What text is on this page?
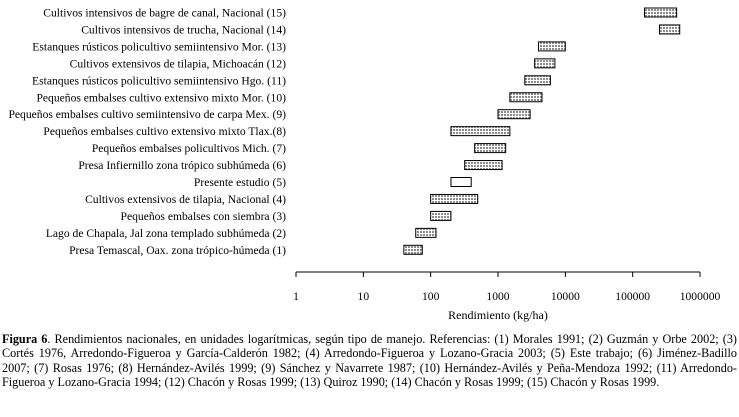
Cultivos intensivos de bagre de canal, Nacional (15)
Cultivos intensivos de trucha, Nacional (14)
Estanques rústicos policultivo semiintensivo Mor. (13)
Cultivos extensivos de tilapia, Michoacán (12)
Estanques rústicos policultivo semiintensivo Hgo. (11)
Pequeños embalses cultivo extensivo mixto Mor. (10)
Pequeños embalses cultivo semiintensivo de carpa Mex. (9)
Pequeños embalses cultivo extensivo mixto Tlax.(8)
Pequeños embalses policultivos Mich. (7)
Presa Infiernillo zona trópico subhúmeda (6)
Presente estudio (5)
Cultivos extensivos de tilapia, Nacional (4)
Pequeños embalses con siembra (3)
Lago de Chapala, Jal zona templado subhúmeda (2)
Presa Temascal, Oax. zona trópico-húmeda (1)
1	10	100	1000	10000	100000	1000000
Rendimiento (kg/ha)
Figura 6. Rendimientos nacionales, en unidades logarítmicas, según tipo de manejo. Referencias: (1) Morales 1991; (2) Guzmán y Orbe 2002; (3) Cortés 1976, Arredondo-Figueroa y García-Calderón 1982; (4) Arredondo-Figueroa y Lozano-Gracia 2003; (5) Este trabajo; (6) Jiménez-Badillo 2007; (7) Rosas 1976; (8) Hernández-Avilés 1999; (9) Sánchez y Navarrete 1987; (10) Hernández-Avilés y Peña-Mendoza 1992; (11) Arredondo-Figueroa y Lozano-Gracia 1994; (12) Chacón y Rosas 1999; (13) Quiroz 1990; (14) Chacón y Rosas 1999; (15) Chacón y Rosas 1999.
